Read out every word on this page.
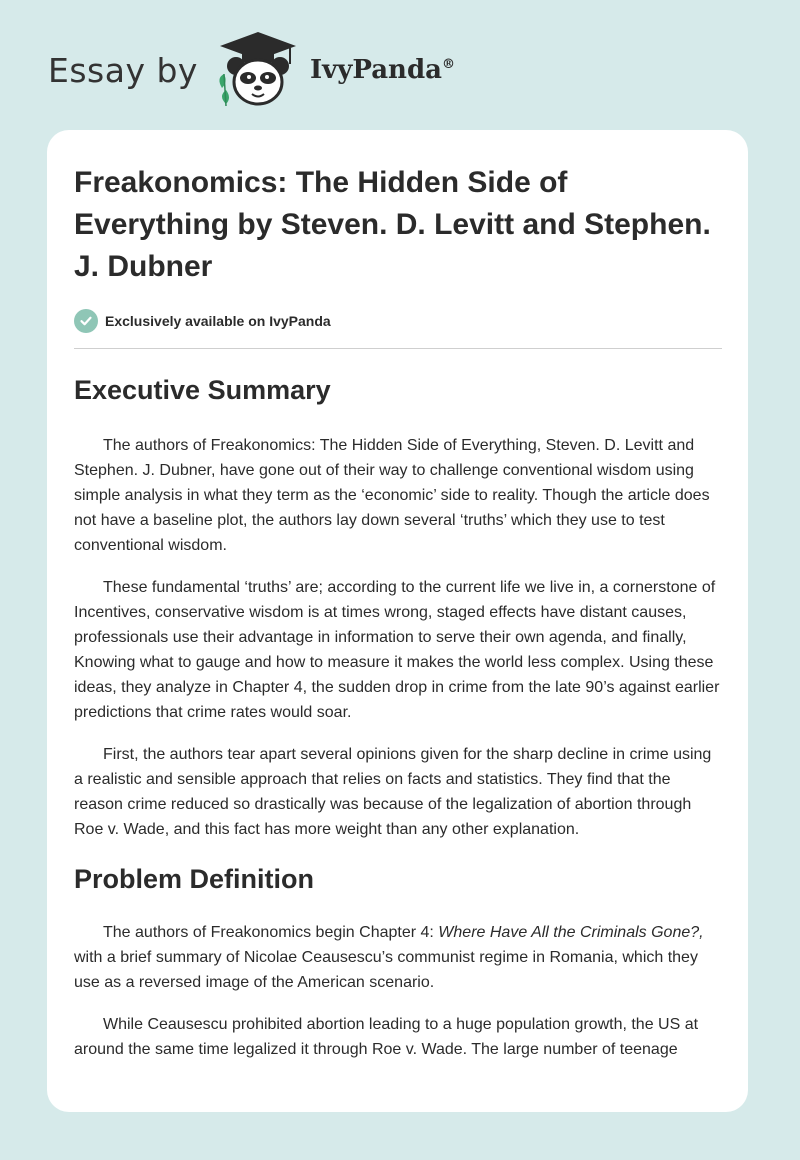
Essay by	IvyPanda®
Freakonomics: The Hidden Side of Everything by Steven. D. Levitt and Stephen. J. Dubner
Exclusively available on IvyPanda
Executive Summary

The authors of Freakonomics: The Hidden Side of Everything, Steven. D. Levitt and Stephen. J. Dubner, have gone out of their way to challenge conventional wisdom using simple analysis in what they term as the ‘economic’ side to reality. Though the article does not have a baseline plot, the authors lay down several ‘truths’ which they use to test conventional wisdom.

These fundamental ‘truths’ are; according to the current life we live in, a cornerstone of Incentives, conservative wisdom is at times wrong, staged effects have distant causes, professionals use their advantage in information to serve their own agenda, and finally, Knowing what to gauge and how to measure it makes the world less complex. Using these ideas, they analyze in Chapter 4, the sudden drop in crime from the late 90’s against earlier predictions that crime rates would soar.

First, the authors tear apart several opinions given for the sharp decline in crime using a realistic and sensible approach that relies on facts and statistics. They find that the reason crime reduced so drastically was because of the legalization of abortion through Roe v. Wade, and this fact has more weight than any other explanation.

Problem Definition

The authors of Freakonomics begin Chapter 4: Where Have All the Criminals Gone?, with a brief summary of Nicolae Ceausescu’s communist regime in Romania, which they use as a reversed image of the American scenario.

While Ceausescu prohibited abortion leading to a huge population growth, the US at around the same time legalized it through Roe v. Wade. The large number of teenage
